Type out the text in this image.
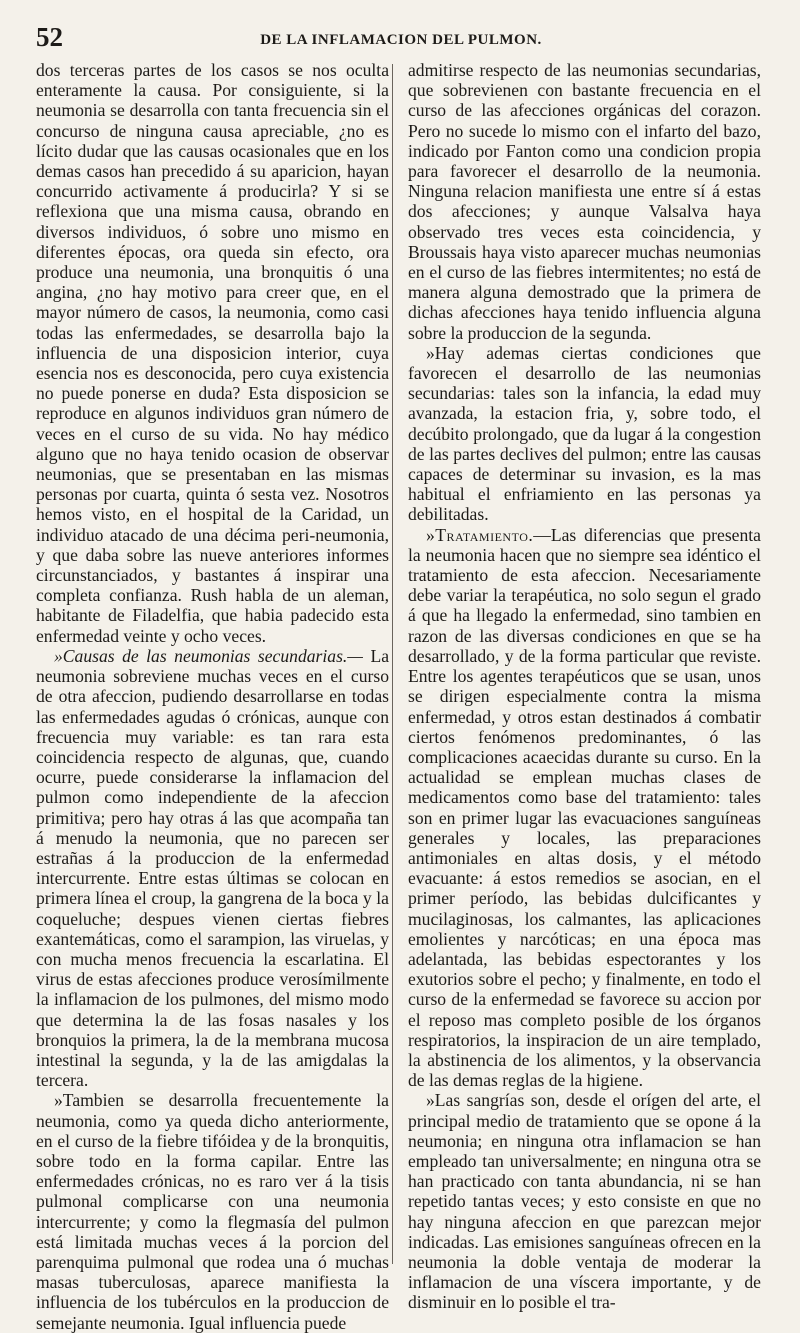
52	DE LA INFLAMACION DEL PULMON.

dos terceras partes de los casos se nos oculta enteramente la causa. Por consiguiente, si la neumonia se desarrolla con tanta frecuencia sin el concurso de ninguna causa apreciable, ¿no es lícito dudar que las causas ocasionales que en los demas casos han precedido á su aparicion, hayan concurrido activamente á producirla? Y si se reflexiona que una misma causa, obrando en diversos individuos, ó sobre uno mismo en diferentes épocas, ora queda sin efecto, ora produce una neumonia, una bronquitis ó una angina, ¿no hay motivo para creer que, en el mayor número de casos, la neumonia, como casi todas las enfermedades, se desarrolla bajo la influencia de una disposicion interior, cuya esencia nos es desconocida, pero cuya existencia no puede ponerse en duda? Esta disposicion se reproduce en algunos individuos gran número de veces en el curso de su vida. No hay médico alguno que no haya tenido ocasion de observar neumonias, que se presentaban en las mismas personas por cuarta, quinta ó sesta vez. Nosotros hemos visto, en el hospital de la Caridad, un individuo atacado de una décima peri-neumonia, y que daba sobre las nueve anteriores informes circunstanciados, y bastantes á inspirar una completa confianza. Rush habla de un aleman, habitante de Filadelfia, que habia padecido esta enfermedad veinte y ocho veces.

»Causas de las neumonias secundarias.— La neumonia sobreviene muchas veces en el curso de otra afeccion, pudiendo desarrollarse en todas las enfermedades agudas ó crónicas, aunque con frecuencia muy variable: es tan rara esta coincidencia respecto de algunas, que, cuando ocurre, puede considerarse la inflamacion del pulmon como independiente de la afeccion primitiva; pero hay otras á las que acompaña tan á menudo la neumonia, que no parecen ser estrañas á la produccion de la enfermedad intercurrente. Entre estas últimas se colocan en primera línea el croup, la gangrena de la boca y la coqueluche; despues vienen ciertas fiebres exantemáticas, como el sarampion, las viruelas, y con mucha menos frecuencia la escarlatina. El virus de estas afecciones produce verosímilmente la inflamacion de los pulmones, del mismo modo que determina la de las fosas nasales y los bronquios la primera, la de la membrana mucosa intestinal la segunda, y la de las amigdalas la tercera.

»Tambien se desarrolla frecuentemente la neumonia, como ya queda dicho anteriormente, en el curso de la fiebre tifóidea y de la bronquitis, sobre todo en la forma capilar. Entre las enfermedades crónicas, no es raro ver á la tisis pulmonal complicarse con una neumonia intercurrente; y como la flegmasía del pulmon está limitada muchas veces á la porcion del parenquima pulmonal que rodea una ó muchas masas tuberculosas, aparece manifiesta la influencia de los tubérculos en la produccion de semejante neumonia. Igual influencia puede

admitirse respecto de las neumonias secundarias, que sobrevienen con bastante frecuencia en el curso de las afecciones orgánicas del corazon. Pero no sucede lo mismo con el infarto del bazo, indicado por Fanton como una condicion propia para favorecer el desarrollo de la neumonia. Ninguna relacion manifiesta une entre sí á estas dos afecciones; y aunque Valsalva haya observado tres veces esta coincidencia, y Broussais haya visto aparecer muchas neumonias en el curso de las fiebres intermitentes; no está de manera alguna demostrado que la primera de dichas afecciones haya tenido influencia alguna sobre la produccion de la segunda.

»Hay ademas ciertas condiciones que favorecen el desarrollo de las neumonias secundarias: tales son la infancia, la edad muy avanzada, la estacion fria, y, sobre todo, el decúbito prolongado, que da lugar á la congestion de las partes declives del pulmon; entre las causas capaces de determinar su invasion, es la mas habitual el enfriamiento en las personas ya debilitadas.

»Tratamiento.—Las diferencias que presenta la neumonia hacen que no siempre sea idéntico el tratamiento de esta afeccion. Necesariamente debe variar la terapéutica, no solo segun el grado á que ha llegado la enfermedad, sino tambien en razon de las diversas condiciones en que se ha desarrollado, y de la forma particular que reviste. Entre los agentes terapéuticos que se usan, unos se dirigen especialmente contra la misma enfermedad, y otros estan destinados á combatir ciertos fenómenos predominantes, ó las complicaciones acaecidas durante su curso. En la actualidad se emplean muchas clases de medicamentos como base del tratamiento: tales son en primer lugar las evacuaciones sanguíneas generales y locales, las preparaciones antimoniales en altas dosis, y el método evacuante: á estos remedios se asocian, en el primer período, las bebidas dulcificantes y mucilaginosas, los calmantes, las aplicaciones emolientes y narcóticas; en una época mas adelantada, las bebidas espectorantes y los exutorios sobre el pecho; y finalmente, en todo el curso de la enfermedad se favorece su accion por el reposo mas completo posible de los órganos respiratorios, la inspiracion de un aire templado, la abstinencia de los alimentos, y la observancia de las demas reglas de la higiene.

»Las sangrías son, desde el orígen del arte, el principal medio de tratamiento que se opone á la neumonia; en ninguna otra inflamacion se han empleado tan universalmente; en ninguna otra se han practicado con tanta abundancia, ni se han repetido tantas veces; y esto consiste en que no hay ninguna afeccion en que parezcan mejor indicadas. Las emisiones sanguíneas ofrecen en la neumonia la doble ventaja de moderar la inflamacion de una víscera importante, y de disminuir en lo posible el tra-
